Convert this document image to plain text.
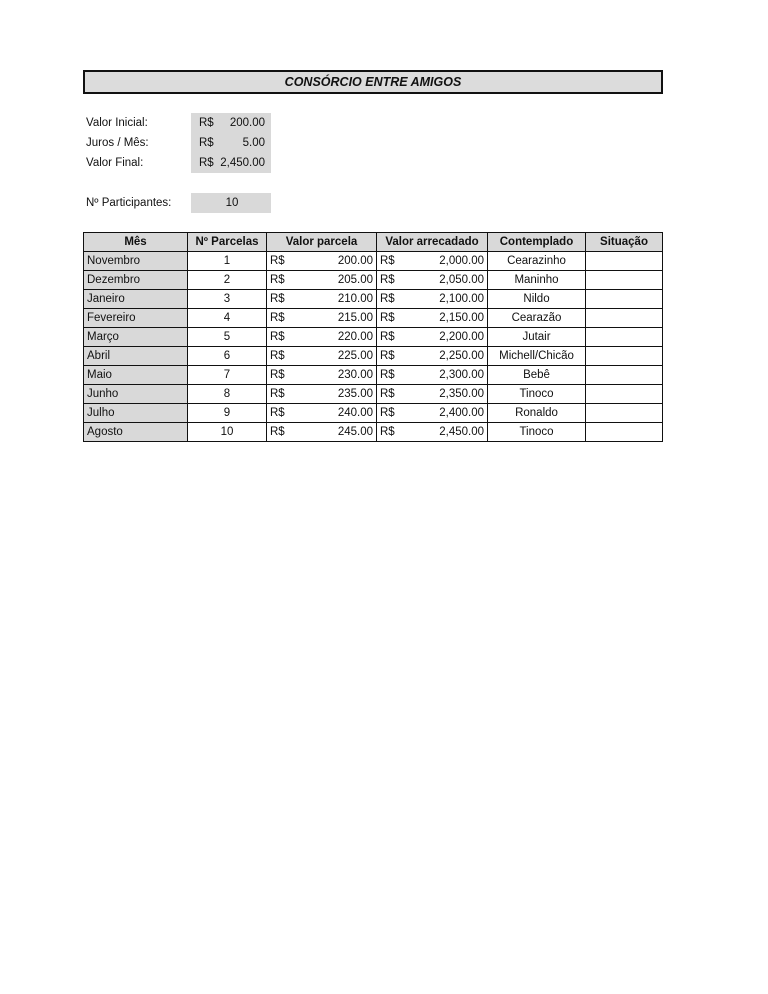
CONSÓRCIO ENTRE AMIGOS
Valor Inicial:	R$ 200.00
Juros / Mês:	R$	5.00
Valor Final:	R$ 2,450.00
Nº Participantes:	10
Mês	Nº Parcelas	Valor parcela	Valor arrecadado	Contemplado	Situação
Novembro	1	R$ 200.00	R$ 2,000.00	Cearazinho	
Dezembro	2	R$ 205.00	R$ 2,050.00	Maninho	
Janeiro	3	R$ 210.00	R$ 2,100.00	Nildo	
Fevereiro	4	R$ 215.00	R$ 2,150.00	Cearazão	
Março	5	R$ 220.00	R$ 2,200.00	Jutair	
Abril	6	R$ 225.00	R$ 2,250.00	Michell/Chicão	
Maio	7	R$ 230.00	R$ 2,300.00	Bebê	
Junho	8	R$ 235.00	R$ 2,350.00	Tinoco	
Julho	9	R$ 240.00	R$ 2,400.00	Ronaldo	
Agosto	10	R$ 245.00	R$ 2,450.00	Tinoco	
